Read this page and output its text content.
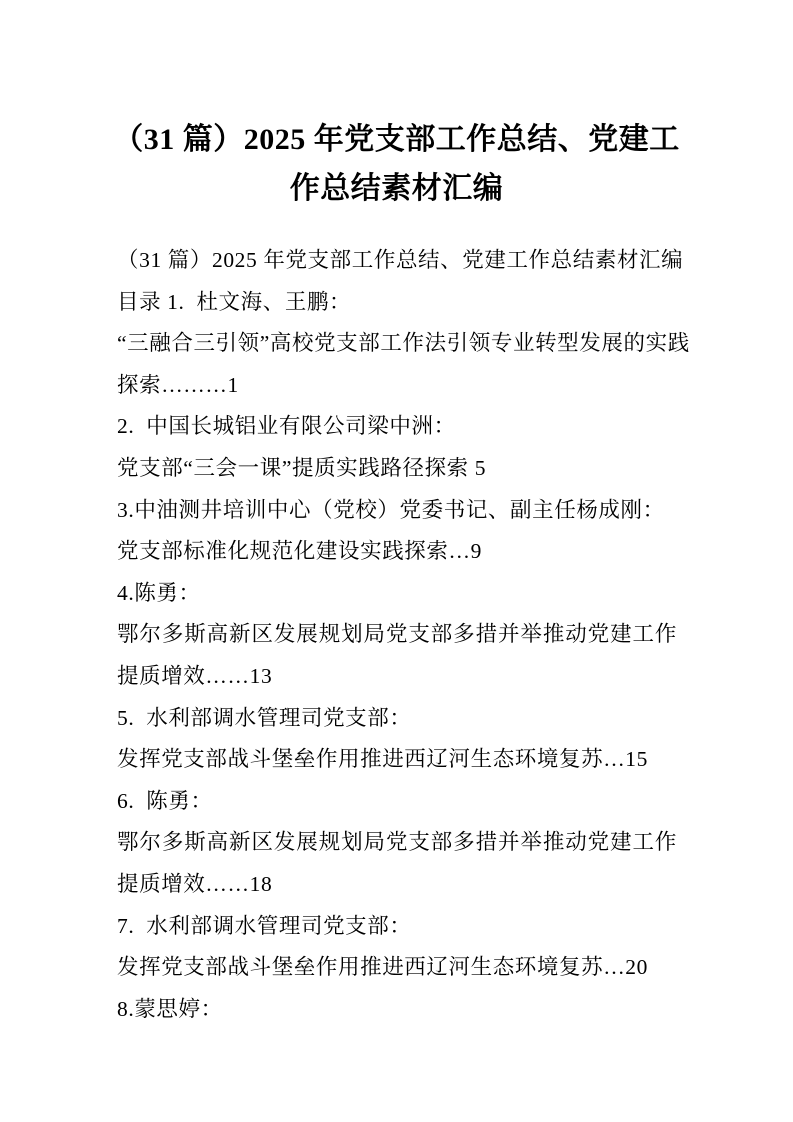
（31 篇）2025 年党支部工作总结、党建工
作总结素材汇编
（31 篇）2025 年党支部工作总结、党建工作总结素材汇编
目录 1.  杜文海、王鹏：
“三融合三引领”高校党支部工作法引领专业转型发展的实践
探索………1
2.  中国长城铝业有限公司梁中洲：
党支部“三会一课”提质实践路径探索 5
3.中油测井培训中心（党校）党委书记、副主任杨成刚：
党支部标准化规范化建设实践探索…9
4.陈勇：
鄂尔多斯高新区发展规划局党支部多措并举推动党建工作
提质增效……13
5.  水利部调水管理司党支部：
发挥党支部战斗堡垒作用推进西辽河生态环境复苏…15
6.  陈勇：
鄂尔多斯高新区发展规划局党支部多措并举推动党建工作
提质增效……18
7.  水利部调水管理司党支部：
发挥党支部战斗堡垒作用推进西辽河生态环境复苏…20
8.蒙思婷：
